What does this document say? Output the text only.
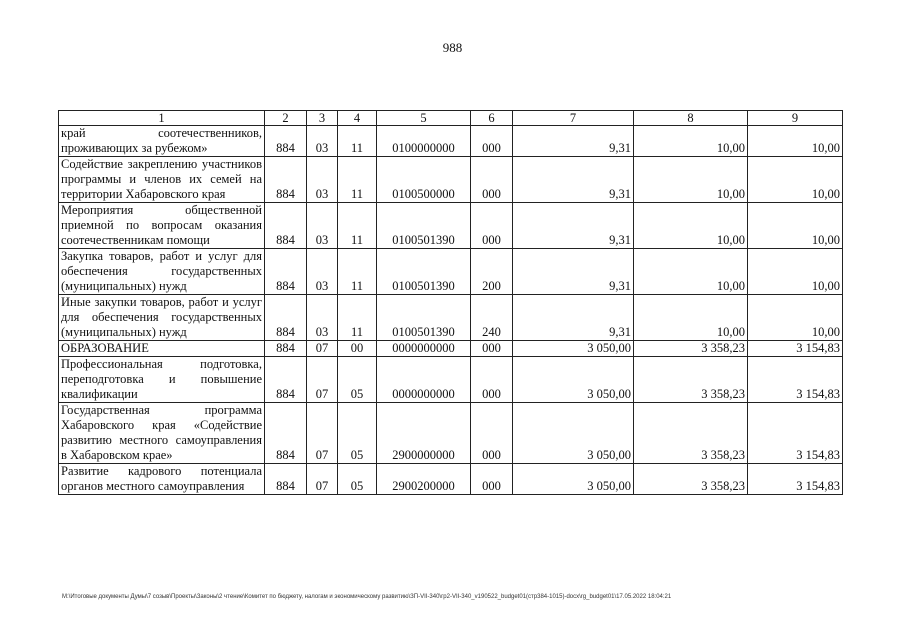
988
1	2	3	4	5	6	7	8	9
край соотечественников, проживающих за рубежом»	884	03	11	0100000000	000	9,31	10,00	10,00
Содействие закреплению участников программы и членов их семей на территории Хабаровского края	884	03	11	0100500000	000	9,31	10,00	10,00
Мероприятия общественной приемной по вопросам оказания соотечественникам помощи	884	03	11	0100501390	000	9,31	10,00	10,00
Закупка товаров, работ и услуг для обеспечения государственных (муниципальных) нужд	884	03	11	0100501390	200	9,31	10,00	10,00
Иные закупки товаров, работ и услуг для обеспечения государственных (муниципальных) нужд	884	03	11	0100501390	240	9,31	10,00	10,00
ОБРАЗОВАНИЕ	884	07	00	0000000000	000	3 050,00	3 358,23	3 154,83
Профессиональная подготовка, переподготовка и повышение квалификации	884	07	05	0000000000	000	3 050,00	3 358,23	3 154,83
Государственная программа Хабаровского края «Содействие развитию местного самоуправления в Хабаровском крае»	884	07	05	2900000000	000	3 050,00	3 358,23	3 154,83
Развитие кадрового потенциала органов местного самоуправления	884	07	05	2900200000	000	3 050,00	3 358,23	3 154,83
M:\Итоговые документы Думы\7 созыв\Проекты\Законы\2 чтение\Комитет по бюджету, налогам и экономическому развитию\ЗП-VII-340\гр2-VII-340_v190522_budget01(стр384-1015)-docx\rg_budget01\17.05.2022 18:04:21
